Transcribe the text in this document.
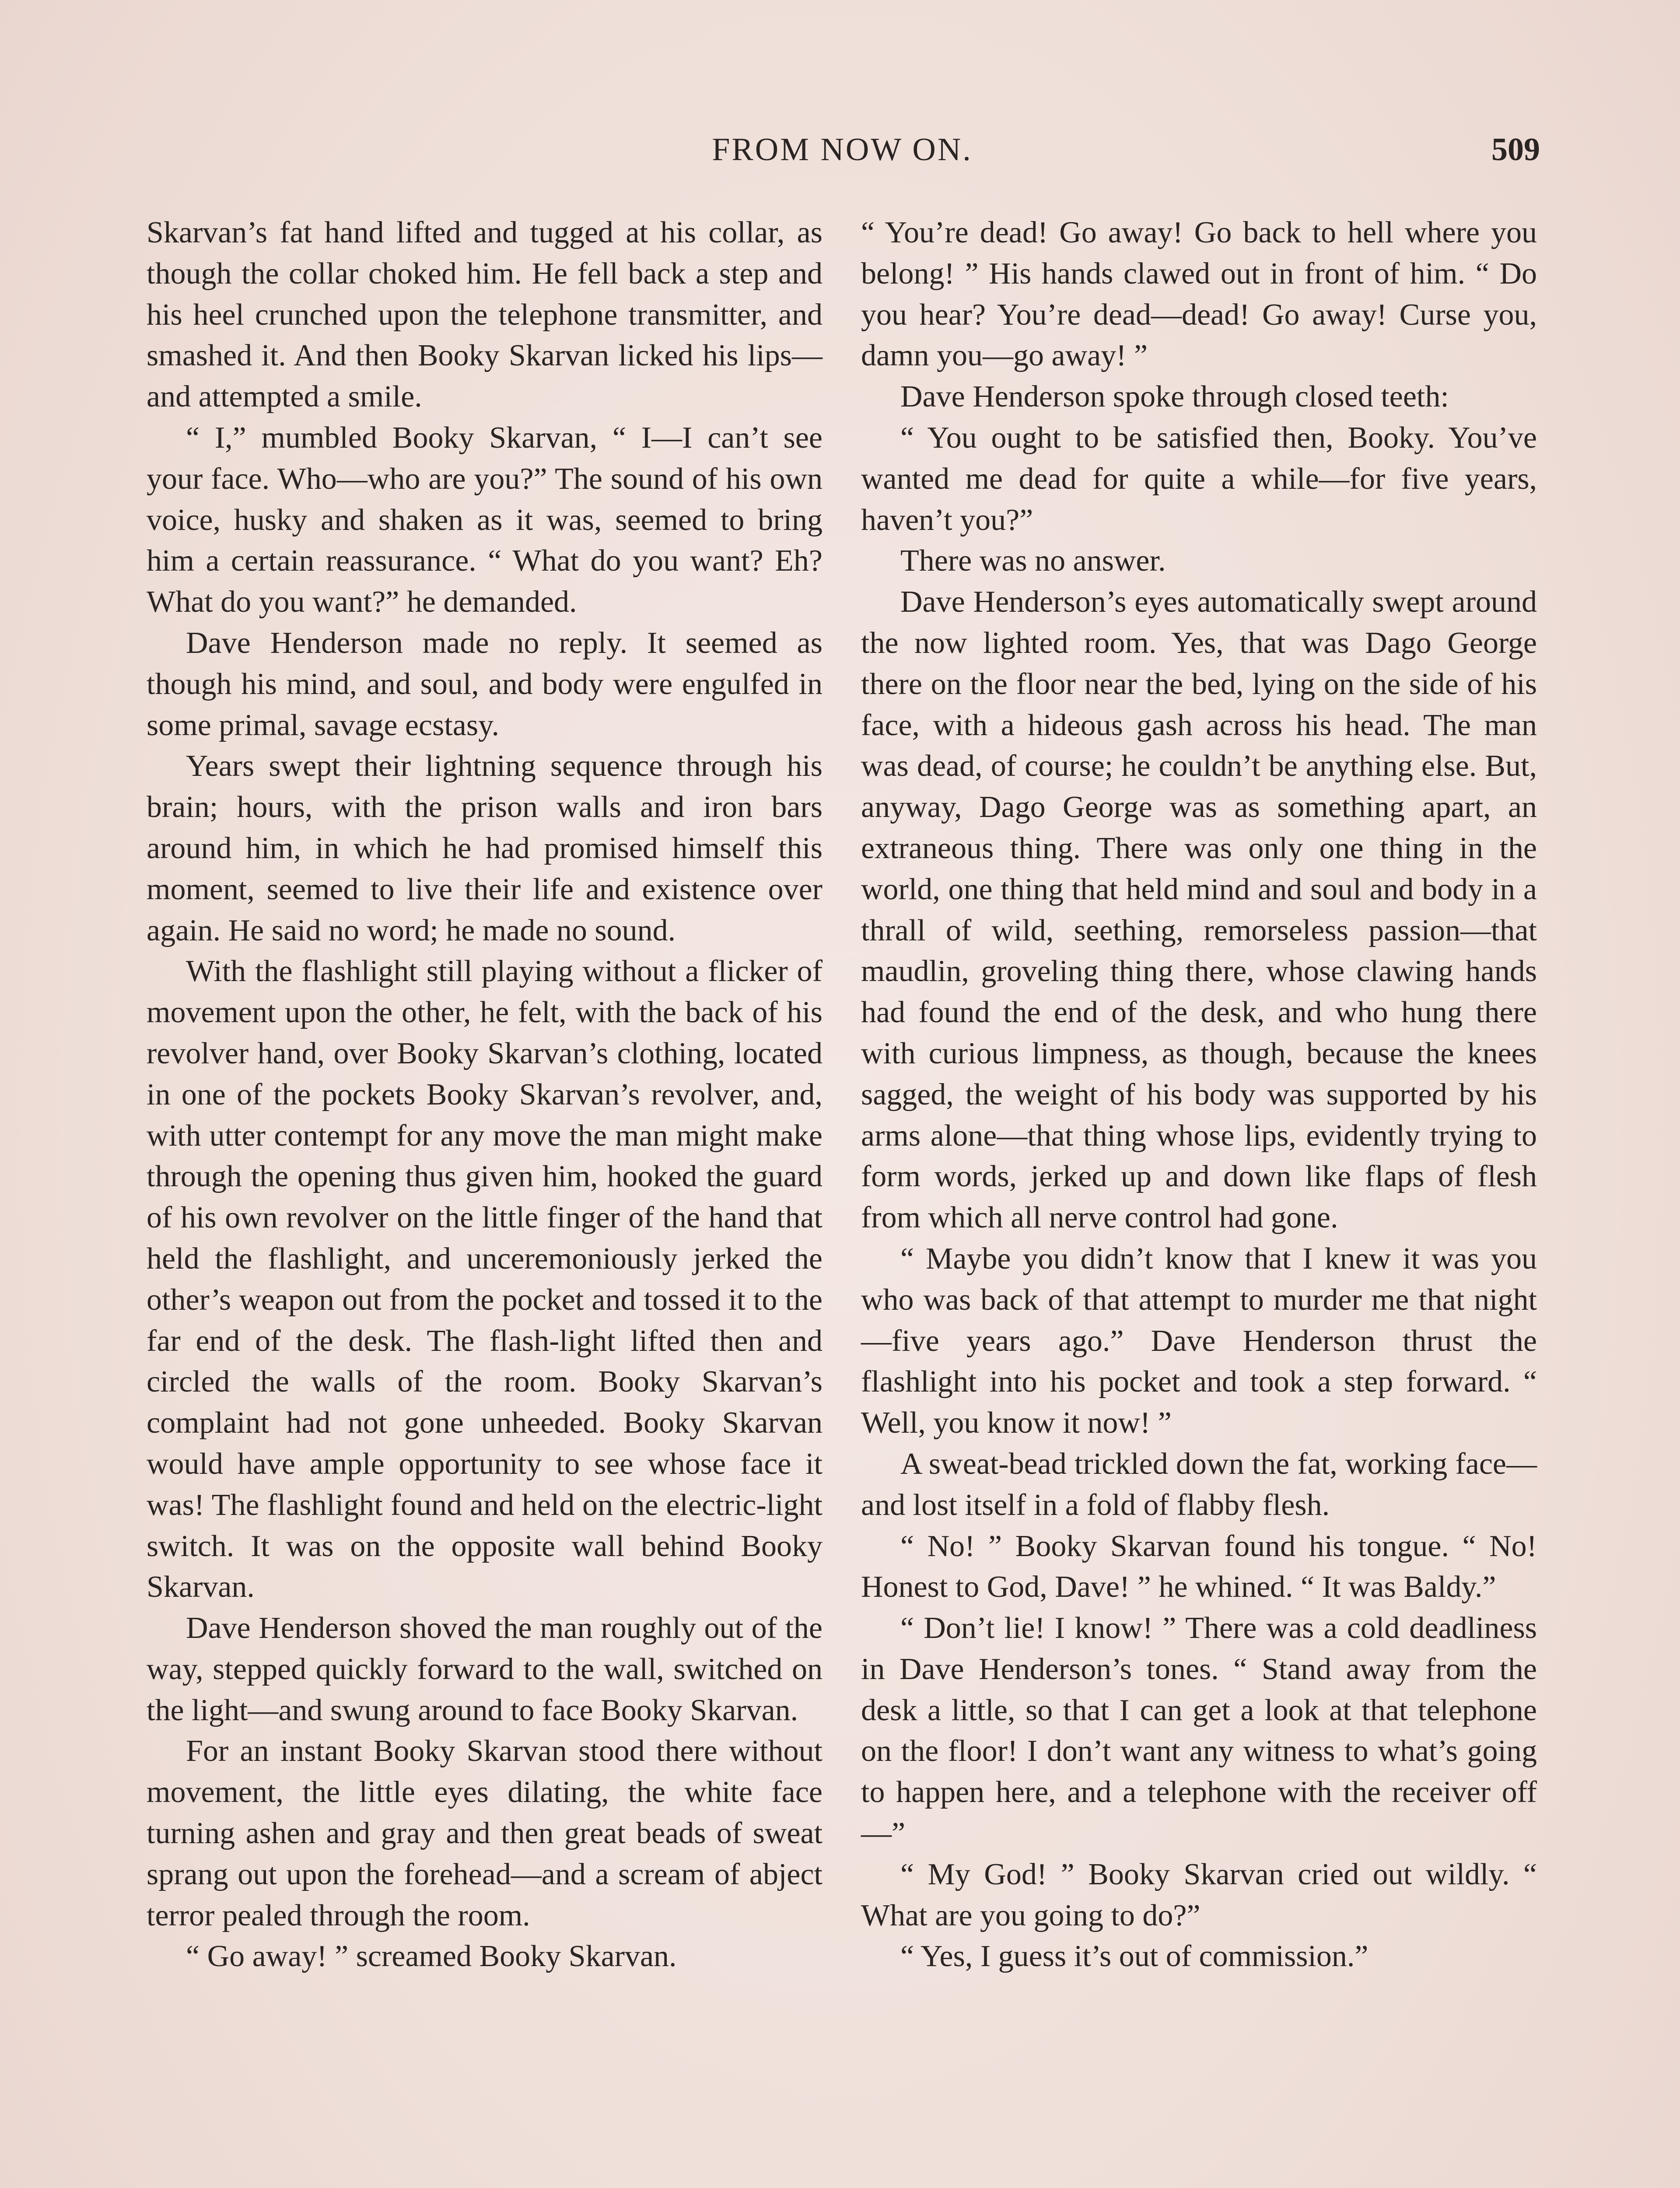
FROM NOW ON.	509

Skarvan’s fat hand lifted and tugged at his collar, as though the collar choked him. He fell back a step and his heel crunched upon the telephone transmitter, and smashed it. And then Booky Skarvan licked his lips—and attempted a smile.

“ I,” mumbled Booky Skarvan, “ I—I can’t see your face. Who—who are you?” The sound of his own voice, husky and shaken as it was, seemed to bring him a certain reassurance. “ What do you want? Eh? What do you want?” he demanded.

Dave Henderson made no reply. It seemed as though his mind, and soul, and body were engulfed in some primal, savage ecstasy.

Years swept their lightning sequence through his brain; hours, with the prison walls and iron bars around him, in which he had promised himself this moment, seemed to live their life and existence over again. He said no word; he made no sound.

With the flashlight still playing without a flicker of movement upon the other, he felt, with the back of his revolver hand, over Booky Skarvan’s clothing, located in one of the pockets Booky Skarvan’s revolver, and, with utter contempt for any move the man might make through the opening thus given him, hooked the guard of his own revolver on the little finger of the hand that held the flashlight, and unceremoniously jerked the other’s weapon out from the pocket and tossed it to the far end of the desk. The flash-light lifted then and circled the walls of the room. Booky Skarvan’s complaint had not gone unheeded. Booky Skarvan would have ample opportunity to see whose face it was! The flashlight found and held on the electric-light switch. It was on the opposite wall behind Booky Skarvan.

Dave Henderson shoved the man roughly out of the way, stepped quickly forward to the wall, switched on the light—and swung around to face Booky Skarvan.

For an instant Booky Skarvan stood there without movement, the little eyes dilating, the white face turning ashen and gray and then great beads of sweat sprang out upon the forehead—and a scream of abject terror pealed through the room.

“ Go away! ” screamed Booky Skarvan.

“ You’re dead! Go away! Go back to hell where you belong! ” His hands clawed out in front of him. “ Do you hear? You’re dead—dead! Go away! Curse you, damn you—go away! ”

Dave Henderson spoke through closed teeth:

“ You ought to be satisfied then, Booky. You’ve wanted me dead for quite a while—for five years, haven’t you?”

There was no answer.

Dave Henderson’s eyes automatically swept around the now lighted room. Yes, that was Dago George there on the floor near the bed, lying on the side of his face, with a hideous gash across his head. The man was dead, of course; he couldn’t be anything else. But, anyway, Dago George was as something apart, an extraneous thing. There was only one thing in the world, one thing that held mind and soul and body in a thrall of wild, seething, remorseless passion—that maudlin, groveling thing there, whose clawing hands had found the end of the desk, and who hung there with curious limpness, as though, because the knees sagged, the weight of his body was supported by his arms alone—that thing whose lips, evidently trying to form words, jerked up and down like flaps of flesh from which all nerve control had gone.

“ Maybe you didn’t know that I knew it was you who was back of that attempt to murder me that night—five years ago.” Dave Henderson thrust the flashlight into his pocket and took a step forward. “ Well, you know it now! ”

A sweat-bead trickled down the fat, working face—and lost itself in a fold of flabby flesh.

“ No! ” Booky Skarvan found his tongue. “ No! Honest to God, Dave! ” he whined. “ It was Baldy.”

“ Don’t lie! I know! ” There was a cold deadliness in Dave Henderson’s tones. “ Stand away from the desk a little, so that I can get a look at that telephone on the floor! I don’t want any witness to what’s going to happen here, and a telephone with the receiver off—”

“ My God! ” Booky Skarvan cried out wildly. “ What are you going to do?”

“ Yes, I guess it’s out of commission.”
